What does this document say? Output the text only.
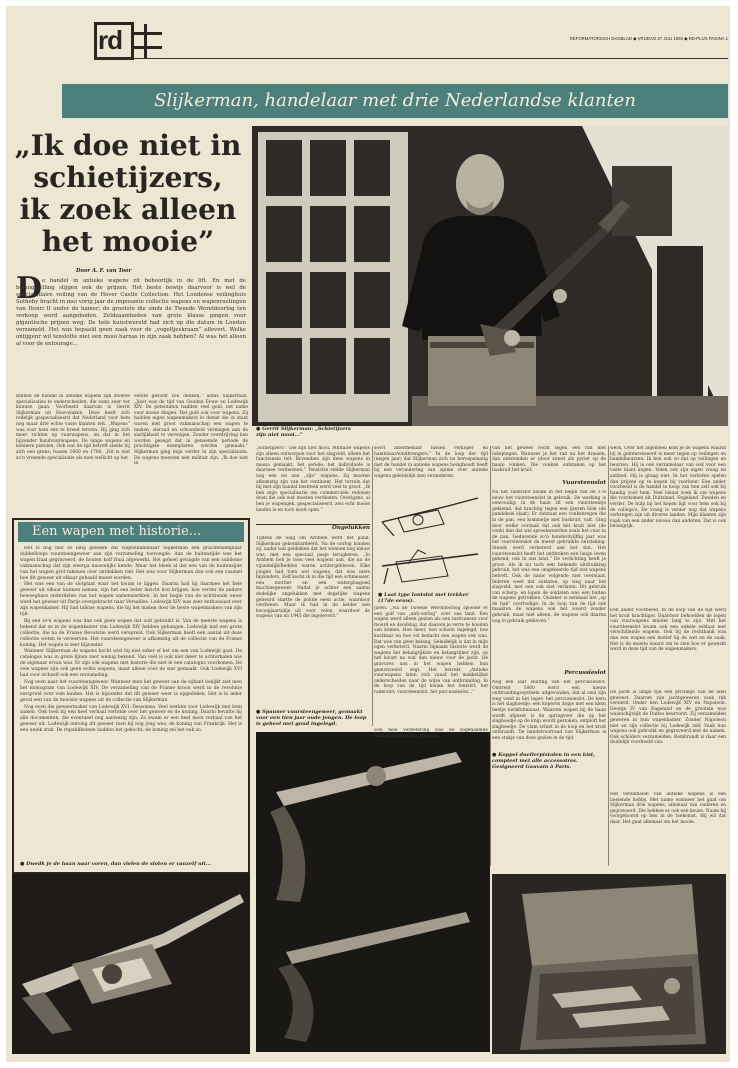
rd	REFORMATORISCH DAGBLAD ◆ VRIJDAG 27 JULI 1984 ◆ RD-PLUS PAGINA 1
Slijkerman, handelaar met drie Nederlandse klanten
„Ik doe niet in
schietijzers,
ik zoek alleen
het mooie”
Door A. F. van Toor
D e handel in antieke wapens zit behoorlijk in de lift. En met de belangstelling stijgen ook de prijzen. Het beste bewijs daarvoor is wel de spectaculaire veiling van de Hever Castle Collection. Het Londense veilinghuis Sotheby bracht in mei vorig jaar de imposante collectie wapens en wapenrustingen van Henri II onder de hamer; de grootste die sinds de Tweede Wereldoorlog ten verkoop werd aangeboden. Zeldzaamheden van grote klasse gingen voor gigantische prijzen weg. De hele kunstwereld had zich op die datum in Londen verzameld. Het was bepaald geen zaak voor de „vogeltjeskraam” aflevert. Welke ontijgenr wil tenslotte niet een mooi harnas in zijn zaak hebben? Al was het alleen al voor de entourage...
● Gerrit Slijkerman: „Schietijzers zijn niet mooi...”
Binnen de handel in antieke wapens zijn diverse specialisaties te onderscheiden, die soms zeer ver kunnen gaan. Voorbeeld daarvan is Gerrit Slijkerman uit Hoevelaken. Deze heeft zich redelijk gespecialiseerd dat Nederland voor hem nog maar drie echte vaste klanten telt. „Wapens” was voor hem een te breed terrein. Hij ging zich meer richten op vuurwapens, en dat in het bijzonder handvuurwapens. De lange wapens en kleinere pistolen. Ook wat de tijd betreft stelde hij zich een grens: tussen 1600 en 1700. „Dit is niet zo'n vreemde specialisatie als men wellicht op het
eerste gezicht zou denken,” aldus Slijkerman. „Juist was de tijd van Gouden Eeuw en Lodewijk XIV. De potentaten hadden veel geld, net name voor mooie dingen. Dat gold ook voor wapens. Zij hadden eigen wapenmakers in dienst die in staat waren met groot vakmanschap een wapen te maken, sieraad en schoonheid verenigen aan de sierlijkheid te verenigen. Zonder overdrijving kan worden gezegd dat in genoemde periode de prachtigste exemplaren werden gemaakt.” Slijkerman ging mijn verder in zijn specialisatie. De wapens moesten niet militair zijn. „Ik doe niet in
Een wapen met historie...

Het is nog niet zo lang geleden dat wapenhandelaar Slijkerman een prachtexemplaar dubbelloops vuursteengeweer aan zijn verzameling toevoegde. Aan de buitenzijde was het wapen fraai gegraveerd, de houten kolf fraai afgewerkt. Het geheel getuigde van een sublieme vakmanschap dat zijn weerga nauwelijks kende. Maar het bleek al dat een van de buitenzijde van het wapen grot tekenen over ontdekken viel. Het was voor Slijkerman dan ook een raadsel hoe dit geweer uit elkaar gehaald moest worden.

Het was een van de slotplaat waar het kwam te liggen. Daarna had hij daarmee het hele geweer uit elkaar kunnen nemen, zijn het een beter inzicht kon krijgen, hoe verder de andere beweegbare onderdelen van het wapen samenwerkten. In het begin van de achttiende eeuw werd het geweer uit Parijs overgebracht naar Versailles. Lodewijk XIV was zeer enthousiast over zijn wapenkamer. Hij had talloze wapens, die hij liet maken door de beste wapenmakers van zijn tijd.

Bij een zo'n wapens was dan ook geen wapen dat ooit gebruikt is. Van de meeste wapens is bekend dat ze in de wapenkamer van Lodewijk XIV hebben gehangen. Lodewijk had een grote collectie, die na de Franse Revolutie werd verspreid. Ook Slijkerman heeft een aantal uit deze collectie weten te verwerven. Het vuursteengeweer is afkomstig uit de collectie van de Franse koning. Het wapen is zeer bijzonder.

Wanneer Slijkerman de wapens kocht wist hij niet zeker of het om een van Lodewijk gaat. De catalogus was in grote lijnen zeer weinig bekend. Van veel is ook niet meer te achterhalen wie de eigenaar ervan was. Er zijn ook wapens met historie die niet in een catalogus voorkomen. De vele wapens zijn ook geen echte wapens, maar alleen voor de sier gemaakt. Ook Lodewijk XVI had voor zichzelf ook een verzameling.

Nog even naar het vuursteengeweer. Wanneer men het geweer aan de zijkant bekijkt ziet men het monogram van Lodewijk XIV. De verzameling van de Franse kroon werd in de revolutie verspreid over vele landen. Het is bijzonder dat dit geweer weer is opgedoken. Het is in ieder geval een van de mooiste wapens uit de collectie van Slijkerman.

Nog even die geweermaker van Lodewijk XVI. Dessoiens. Veel werken voor Lodewijk met hem samen. Ook toen hij een heel verhaal vertelde over het geweer en de koning. Daarin bevatte hij alle documenten, die eventueel nog aanwezig zijn. Zo kwam er een heel mooi verhaal van het geweer uit. Lodewijk ontving dit geweer toen hij nog jong was, de koning van Frankrijk. Het is een uniek stuk. De republikeinen hadden het gekocht; de koning zei het ook zo.

● Dwedk je de haan naar voren, dan vielen de sloten er vanzelf uit...
„schietijzers”. Die zijn niet mooi. Militaire wapens zijn alleen ontworpen voor het slagveld, alleen het functionele telt. Bovendien zijn deze wapens in massa gemaakt, het seriele, het individuele is daarmee verdwenen.” Tenslotte stelde Slijkerman nog een eis aan „zijn” wapens. Zij moeten afkomstig zijn van het continent. Het terrein dat hij met zijn handel bestreek werd veel te groot. „Ik heb mijn specialisatie om commerciele redenen doen die ook wat moeten verdienen. Overigens, al ben je wapengek, gespecialiseerd, zeis echt mooie landen is en toch nooit open.”
Ongelukken
Tijdens de Slag om Arnhem werd het pand, Slijkerman gebombardeerd. Na de oorlog konden zij, nadat wat geblieken dat het wonnen nog nieuw was, met een speciaal pasje terugkeren. „In Arnhem heb je toen veel wapens aan, die na de vijandelijk/Bedden waren achtergebleven. Elke jongen had toen wel wapens, dat was niets bijzonders. Zelf kocht ik in die tijd een schmeisser, een mortier en een waterglasgoed machinegeweer. Nadat je achter een aantal dodelijke ongelukken met degelijke wapens gebeurd startte de politie eeen actie, waardoor verdween. Maar ik had in de kelder een kwoopjaartalije uit voor velen, waardoor de wapens van na 1945 die ingeleverd.”
● Spanner vuursteengeweer, gemaakt voor een tien jaar oude jongen. De loop is geheel met goud ingelegd.
soort intermediair tussen verkoper en handelaar/eindbrengers.” In de loop der tijd (negen jaar) dat Slijkerman zich nu beroepsmatig met de handel in antieke wapens bezighoudt heeft hij een verandering van opinie over antieke wapens geleidelijk zien veranderen.
● Laat type lontslot met trekker (17de eeuw).
Jaren. „Na de Tweede Wereldoorlog spoelde er een golf van „anti-oorlog” over ons land. Een wapen werd alleen gezien als een instrument voor moord en doodslag, dat daarom je verre te houden van komen. Hoe meer, hoe schoon ingelegd, hoe kostbaar en hoe vol bedacht een wapen ook was. Dat was van geen belang. Geleidelijk is dat in mijn ogen verbeterd. Naarm bijnaam historie werd de wapens het belangrijkste en belangrijker zijn, op het kwart na wat dan nieuw voor de jacht. De gravures aan in het wapen hebben hun gemotiveerd zegt. Het betrekt „Antieke vuurwapens laten zich vanaf het makkelijkst onderscheiden naar de wijze van ontbranding. In de loop van de tijd kwam het lontslot, het raderslot, vuursteenslot, het percussieslot...”
van het geweer recht tegen een rad met inkepingen. Wanneer je het rad na het draaien, dan ontstonden er (door zowel als pyriet op de haan) vonken. Die vonken ontstaken op het buskruit het kruit.
Vuursteenslot
Na het raderslot kwam in het begin van de 17e eeuw het vuursteenslot in gebruik. De werking is eenvoudig: in de haan zit een vuursteentje geklemd, dat krachtig tegen een ijzeren blok (de pandeksel slaat). Er ontstaat een vonkenregen die in de pan, een kommetje met buskruit, valt. Ging door welke oorzaak dat ook het kruit niet (de vonk) dan dat wel spreekwoorden zoals het vuur in de pan. Gedurende zo'n honderdvijftig jaar was het vuursteenslot de meest gebruikte ontsteking. Steeds werd verbeterd aan het slot. Het vuursteenslot heeft het ontbreken een lange leven gekend; ook in ons land.” De verlichting heeft je groot. Als ik nu toch een bekende uitdrukking gebruik, het was een omgekeerde tijd wat wapens betreft. Ook de nauw volgende niet overslaat. Iederen weet dat soldaten, op weg naar het slagveld, met een ook niet verlaten. Dit gebruik van scherp; en lopen de soldaten was een buiten de wapens getrokken. Onzeker is eenmaal het „op de hak” overbodige. In de loop van de tijd ook maakten de wapens ook het woord zonder gebruik, maar niet alleen, de wapens ook daarna nog in gebruik gebleven.”
Percussieslot
Nog een laat sluiting van het percussieslot. Omtrent 1800 werd een nieuw ontbrandingssysteem uitgevonden, dat al snel zijn weg vond in het leger: het percussieslot. De kern is het slaghoedje: een koperen dopje met een klein beetje kwikfulminaat. Waarom wapen bij de haan wordt afgezet is de springveer die op het slaghoedje op de knip wordt gestoken, ontploft het slaghoedje. De vlam schiet in de loop en het kruit ontbrandt. De handelvoorraad van Slijkerman is een stukje van deze gezien in de tijd.
Een hele verbetering was de zogenaamde raddenontbranding. De haan
● Koppel duellerpistolen in een kist, compleet met alle accessoires. Gesigneerd Gauvain à Paris.
werk. Over het algemeen kom je de wapens waarin hij in geinteresseerd is meer tegen op veilingen en handelbeurzen. Ik ben ook zo dat op veilingen en beurzen. Hij is ook verzamelaar van ook voor een vaste klant kopen. Velen ook zijn eigen vraag en aanbod. Hij is graag niet. In het verleden spelen dan prijzen op te kopen bij voorkeur. Een ander voorbeeld is de handel te koop van hen zelf ook bij handig voor hem. Veel lokaal zoek ik om wapens die voorkomen uit Duitsland, Engeland, Zweden en verder. De hulp bij het kopen ligt voor hem ook bij de collega's. De vraag is verder nog dat wapens verkregen zijn uit diverse landen. Mijn klanten zijn vaak van een ander niveau dan anderen. Dat is ook belangrijk.
Een ander voorbeeld. In de loop van de tijd werd het kruit krachtiger. Daardoor behoefden de lopen van vuurwapens minder lang te zijn. Met het vuursteenslot kwam ook een enkele soldaat met verschillende wapens. Ook bij de rechtbank was dan een wapen een motief bij de wet en de zaak. Het is de moeite waard om te zien hoe er gewerkt werd in deze tijd van de wapenmakers.
De jacht is lange tijd een privilege van de adel geweest. Daarom zijn jachtgeweren vaak rijk versierd. Onder hen Lodewijk XIV en Napoleon. George IV van Engeland en de grootste was waarschijnlijk de Duitse keurvorst. Zij verzamelden geweren in hun wapenkamer. Zonder Napoleon niet en zijn collectie bij Lodewijk zelf. Vaak hun wapens ook gebruikt en gegraveerd met de namen. Ook schilders verzamelden. Rembrandt is daar een duidelijk voorbeeld van.
Het verzamelen van antieke wapens is een boeiende hobby. Met name wanneer het gaat om Slijkerman drie wapens, allemaal van ouderen en gegraveerd. Die hebben er ook een keuze. Naam hij voorgeboord op hen in de toekomst. Hij wil dat daar. Het gaat allemaal om het mooie.
